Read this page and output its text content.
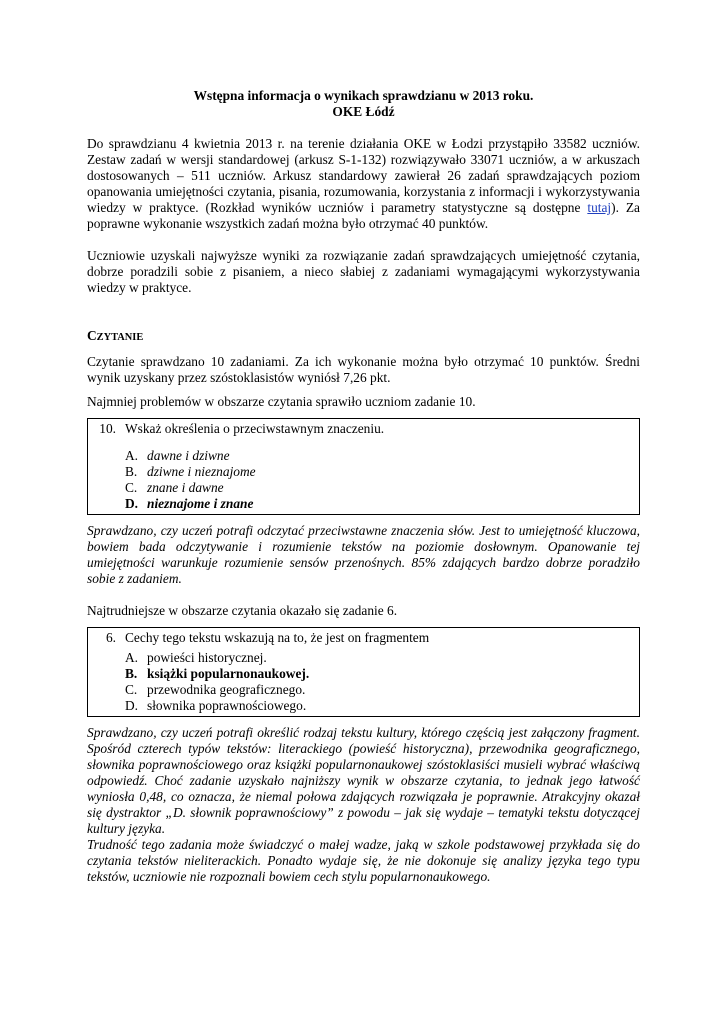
Wstępna informacja o wynikach sprawdzianu w 2013 roku.
OKE Łódź

Do sprawdzianu 4 kwietnia 2013 r. na terenie działania OKE w Łodzi przystąpiło 33582 uczniów. Zestaw zadań w wersji standardowej (arkusz S-1-132) rozwiązywało 33071 uczniów, a w arkuszach dostosowanych – 511 uczniów. Arkusz standardowy zawierał 26 zadań sprawdzających poziom opanowania umiejętności czytania, pisania, rozumowania, korzystania z informacji i wykorzystywania wiedzy w praktyce. (Rozkład wyników uczniów i parametry statystyczne są dostępne tutaj). Za poprawne wykonanie wszystkich zadań można było otrzymać 40 punktów.

Uczniowie uzyskali najwyższe wyniki za rozwiązanie zadań sprawdzających umiejętność czytania, dobrze poradzili sobie z pisaniem, a nieco słabiej z zadaniami wymagającymi wykorzystywania wiedzy w praktyce.

CZYTANIE

Czytanie sprawdzano 10 zadaniami. Za ich wykonanie można było otrzymać 10 punktów. Średni wynik uzyskany przez szóstoklasistów wyniósł 7,26 pkt.

Najmniej problemów w obszarze czytania sprawiło uczniom zadanie 10.

10. Wskaż określenia o przeciwstawnym znaczeniu.
A. dawne i dziwne
B. dziwne i nieznajome
C. znane i dawne
D. nieznajome i znane

Sprawdzano, czy uczeń potrafi odczytać przeciwstawne znaczenia słów. Jest to umiejętność kluczowa, bowiem bada odczytywanie i rozumienie tekstów na poziomie dosłownym. Opanowanie tej umiejętności warunkuje rozumienie sensów przenośnych. 85% zdających bardzo dobrze poradziło sobie z zadaniem.

Najtrudniejsze w obszarze czytania okazało się zadanie 6.

6. Cechy tego tekstu wskazują na to, że jest on fragmentem
A. powieści historycznej.
B. książki popularnonaukowej.
C. przewodnika geograficznego.
D. słownika poprawnościowego.

Sprawdzano, czy uczeń potrafi określić rodzaj tekstu kultury, którego częścią jest załączony fragment. Spośród czterech typów tekstów: literackiego (powieść historyczna), przewodnika geograficznego, słownika poprawnościowego oraz książki popularnonaukowej szóstoklasiści musieli wybrać właściwą odpowiedź. Choć zadanie uzyskało najniższy wynik w obszarze czytania, to jednak jego łatwość wyniosła 0,48, co oznacza, że niemal połowa zdających rozwiązała je poprawnie. Atrakcyjny okazał się dystraktor „D. słownik poprawnościowy” z powodu – jak się wydaje – tematyki tekstu dotyczącej kultury języka.
Trudność tego zadania może świadczyć o małej wadze, jaką w szkole podstawowej przykłada się do czytania tekstów nieliterackich. Ponadto wydaje się, że nie dokonuje się analizy języka tego typu tekstów, uczniowie nie rozpoznali bowiem cech stylu popularnonaukowego.
